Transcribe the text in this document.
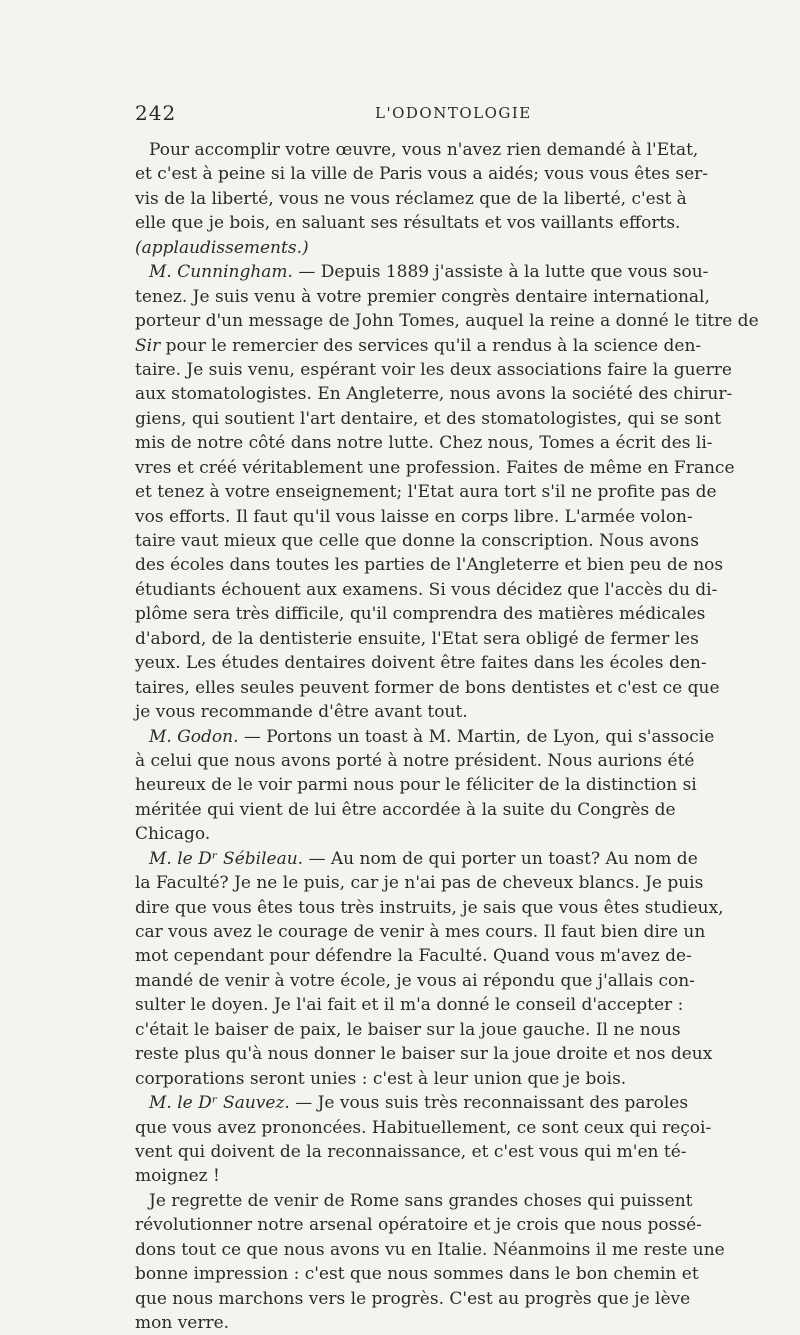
242	L'ODONTOLOGIE
Pour accomplir votre œuvre, vous n'avez rien demandé à l'Etat,
et c'est à peine si la ville de Paris vous a aidés; vous vous êtes ser-
vis de la liberté, vous ne vous réclamez que de la liberté, c'est à
elle que je bois, en saluant ses résultats et vos vaillants efforts.
(applaudissements.)
M. Cunningham. — Depuis 1889 j'assiste à la lutte que vous sou-
tenez. Je suis venu à votre premier congrès dentaire international,
porteur d'un message de John Tomes, auquel la reine a donné le titre de
Sir pour le remercier des services qu'il a rendus à la science den-
taire. Je suis venu, espérant voir les deux associations faire la guerre
aux stomatologistes. En Angleterre, nous avons la société des chirur-
giens, qui soutient l'art dentaire, et des stomatologistes, qui se sont
mis de notre côté dans notre lutte. Chez nous, Tomes a écrit des li-
vres et créé véritablement une profession. Faites de même en France
et tenez à votre enseignement; l'Etat aura tort s'il ne profite pas de
vos efforts. Il faut qu'il vous laisse en corps libre. L'armée volon-
taire vaut mieux que celle que donne la conscription. Nous avons
des écoles dans toutes les parties de l'Angleterre et bien peu de nos
étudiants échouent aux examens. Si vous décidez que l'accès du di-
plôme sera très difficile, qu'il comprendra des matières médicales
d'abord, de la dentisterie ensuite, l'Etat sera obligé de fermer les
yeux. Les études dentaires doivent être faites dans les écoles den-
taires, elles seules peuvent former de bons dentistes et c'est ce que
je vous recommande d'être avant tout.
M. Godon. — Portons un toast à M. Martin, de Lyon, qui s'associe
à celui que nous avons porté à notre président. Nous aurions été
heureux de le voir parmi nous pour le féliciter de la distinction si
méritée qui vient de lui être accordée à la suite du Congrès de
Chicago.
M. le Dʳ Sébileau. — Au nom de qui porter un toast? Au nom de
la Faculté? Je ne le puis, car je n'ai pas de cheveux blancs. Je puis
dire que vous êtes tous très instruits, je sais que vous êtes studieux,
car vous avez le courage de venir à mes cours. Il faut bien dire un
mot cependant pour défendre la Faculté. Quand vous m'avez de-
mandé de venir à votre école, je vous ai répondu que j'allais con-
sulter le doyen. Je l'ai fait et il m'a donné le conseil d'accepter :
c'était le baiser de paix, le baiser sur la joue gauche. Il ne nous
reste plus qu'à nous donner le baiser sur la joue droite et nos deux
corporations seront unies : c'est à leur union que je bois.
M. le Dʳ Sauvez. — Je vous suis très reconnaissant des paroles
que vous avez prononcées. Habituellement, ce sont ceux qui reçoi-
vent qui doivent de la reconnaissance, et c'est vous qui m'en té-
moignez !
Je regrette de venir de Rome sans grandes choses qui puissent
révolutionner notre arsenal opératoire et je crois que nous possé-
dons tout ce que nous avons vu en Italie. Néanmoins il me reste une
bonne impression : c'est que nous sommes dans le bon chemin et
que nous marchons vers le progrès. C'est au progrès que je lève
mon verre.
